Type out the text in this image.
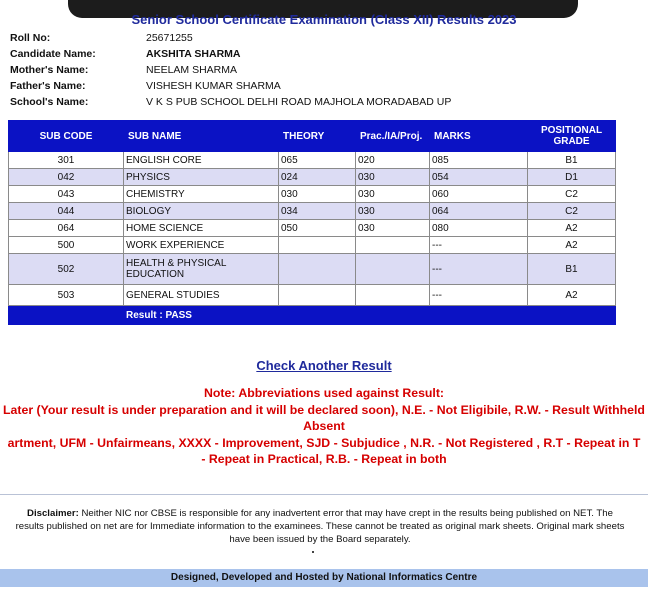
Senior School Certificate Examination (Class XII) Results 2023
Roll No:	25671255
Candidate Name:	AKSHITA SHARMA
Mother's Name:	NEELAM SHARMA
Father's Name:	VISHESH KUMAR SHARMA
School's Name:	V K S PUB SCHOOL DELHI ROAD MAJHOLA MORADABAD UP
SUB CODE	SUB NAME	THEORY	Prac./IA/Proj.	MARKS	POSITIONAL GRADE
301	ENGLISH CORE	065	020	085	B1
042	PHYSICS	024	030	054	D1
043	CHEMISTRY	030	030	060	C2
044	BIOLOGY	034	030	064	C2
064	HOME SCIENCE	050	030	080	A2
500	WORK EXPERIENCE			---	A2
502	HEALTH & PHYSICAL EDUCATION			---	B1
503	GENERAL STUDIES			---	A2
	Result : PASS				
Check Another Result
Note: Abbreviations used against Result:
Later (Your result is under preparation and it will be declared soon), N.E. - Not Eligibile, R.W. - Result Withheld
Absent
artment, UFM - Unfairmeans, XXXX - Improvement, SJD - Subjudice , N.R. - Not Registered , R.T - Repeat in T
- Repeat in Practical, R.B. - Repeat in both
Disclaimer: Neither NIC nor CBSE is responsible for any inadvertent error that may have crept in the results being published on NET. The results published on net are for Immediate information to the examinees. These cannot be treated as original mark sheets. Original mark sheets have been issued by the Board separately.
Designed, Developed and Hosted by National Informatics Centre
